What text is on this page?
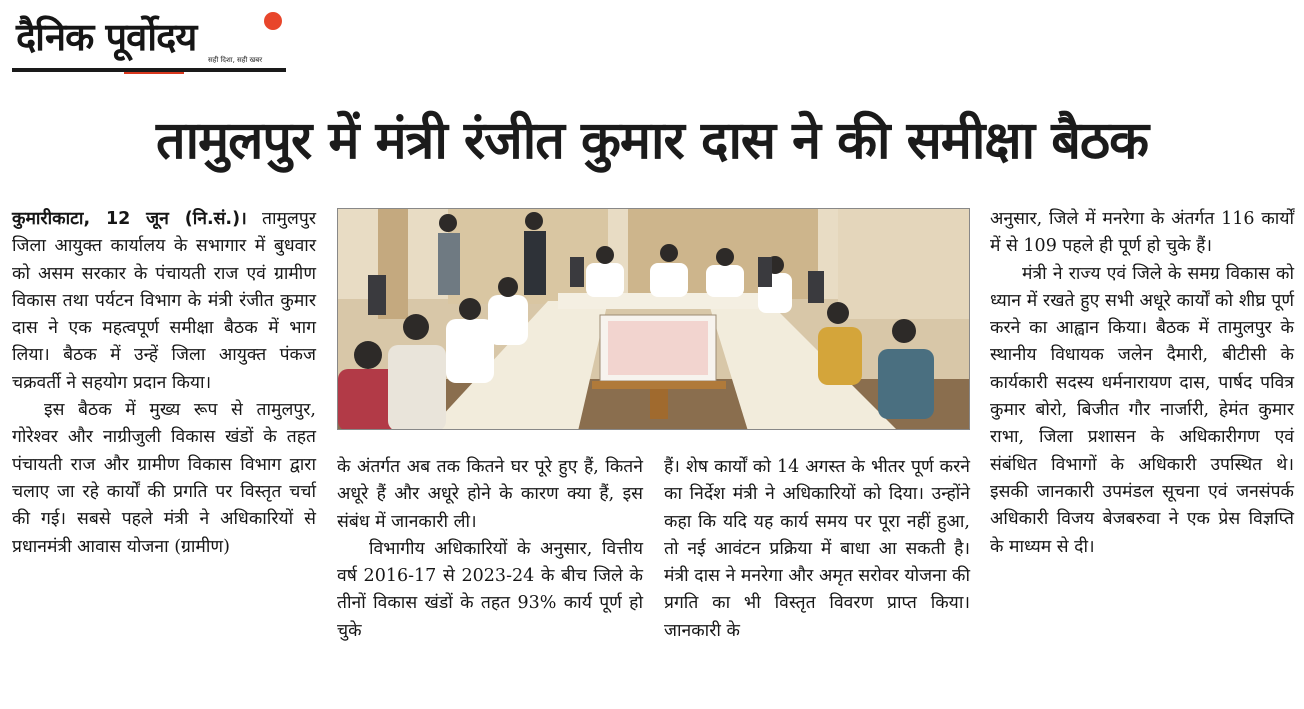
दैनिक पूर्वोदय
सही दिशा, सही खबर
तामुलपुर में मंत्री रंजीत कुमार दास ने की समीक्षा बैठक

कुमारीकाटा, 12 जून (नि.सं.)। तामुलपुर जिला आयुक्त कार्यालय के सभागार में बुधवार को असम सरकार के पंचायती राज एवं ग्रामीण विकास तथा पर्यटन विभाग के मंत्री रंजीत कुमार दास ने एक महत्वपूर्ण समीक्षा बैठक में भाग लिया। बैठक में उन्हें जिला आयुक्त पंकज चक्रवर्ती ने सहयोग प्रदान किया।

इस बैठक में मुख्य रूप से तामुलपुर, गोरेश्वर और नाग्रीजुली विकास खंडों के तहत पंचायती राज और ग्रामीण विकास विभाग द्वारा चलाए जा रहे कार्यों की प्रगति पर विस्तृत चर्चा की गई। सबसे पहले मंत्री ने अधिकारियों से प्रधानमंत्री आवास योजना (ग्रामीण)

के अंतर्गत अब तक कितने घर पूरे हुए हैं, कितने अधूरे हैं और अधूरे होने के कारण क्या हैं, इस संबंध में जानकारी ली।

विभागीय अधिकारियों के अनुसार, वित्तीय वर्ष 2016-17 से 2023-24 के बीच जिले के तीनों विकास खंडों के तहत 93% कार्य पूर्ण हो चुके

हैं। शेष कार्यों को 14 अगस्त के भीतर पूर्ण करने का निर्देश मंत्री ने अधिकारियों को दिया। उन्होंने कहा कि यदि यह कार्य समय पर पूरा नहीं हुआ, तो नई आवंटन प्रक्रिया में बाधा आ सकती है। मंत्री दास ने मनरेगा और अमृत सरोवर योजना की प्रगति का भी विस्तृत विवरण प्राप्त किया। जानकारी के

अनुसार, जिले में मनरेगा के अंतर्गत 116 कार्यों में से 109 पहले ही पूर्ण हो चुके हैं।

मंत्री ने राज्य एवं जिले के समग्र विकास को ध्यान में रखते हुए सभी अधूरे कार्यों को शीघ्र पूर्ण करने का आह्वान किया। बैठक में तामुलपुर के स्थानीय विधायक जलेन दैमारी, बीटीसी के कार्यकारी सदस्य धर्मनारायण दास, पार्षद पवित्र कुमार बोरो, बिजीत गौर नार्जारी, हेमंत कुमार राभा, जिला प्रशासन के अधिकारीगण एवं संबंधित विभागों के अधिकारी उपस्थित थे। इसकी जानकारी उपमंडल सूचना एवं जनसंपर्क अधिकारी विजय बेजबरुवा ने एक प्रेस विज्ञप्ति के माध्यम से दी।
